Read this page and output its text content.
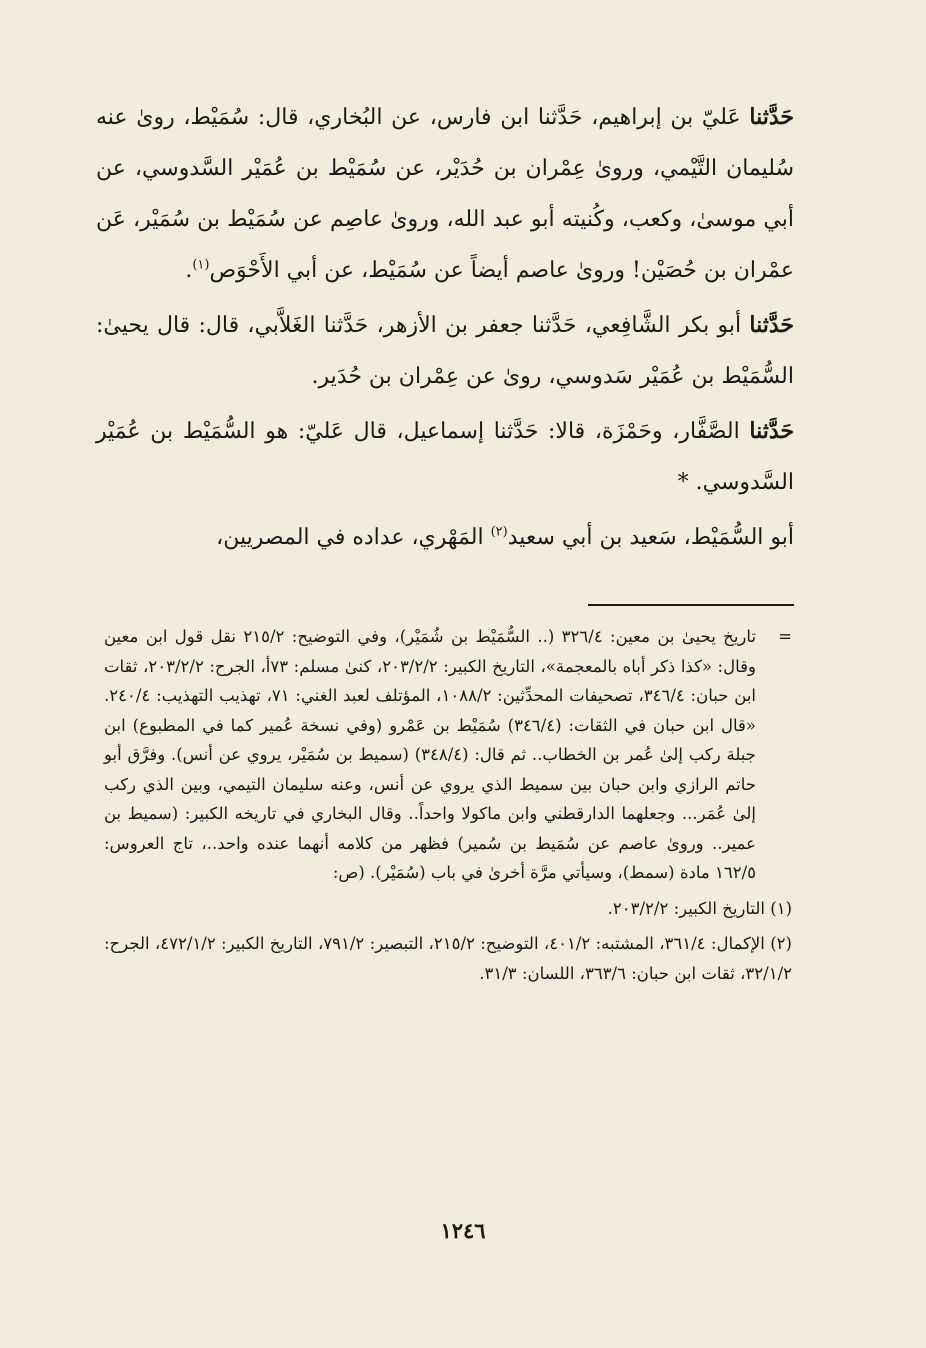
حَدَّثنا عَليّ بن إبراهيم، حَدَّثنا ابن فارس، عن البُخاري، قال: سُمَيْط، روىٰ عنه سُليمان التَّيْمي، وروىٰ عِمْران بن حُدَيْر، عن سُمَيْط بن عُمَيْر السَّدوسي، عن أبي موسىٰ، وكعب، وكُنيته أبو عبد الله، وروىٰ عاصِم عن سُمَيْط بن سُمَيْر، عَن عمْران بن حُصَيْن! وروىٰ عاصم أيضاً عن سُمَيْط، عن أبي الأَحْوَص$^{(١)}$.

حَدَّثنا أبو بكر الشَّافِعي، حَدَّثنا جعفر بن الأزهر، حَدَّثنا الغَلاَّبي، قال: قال يحيىٰ: السُّمَيْط بن عُمَيْر سَدوسي، روىٰ عن عِمْران بن حُدَير.

حَدَّثنا الصَّفَّار، وحَمْزَة، قالا: حَدَّثنا إسماعيل، قال عَليّ: هو السُّمَيْط بن عُمَيْر السَّدوسي. *

أبو السُّمَيْط، سَعيد بن أبي سعيد$^{(٢)}$ المَهْري، عداده في المصريين،

=
تاريخ يحيىٰ بن معين: ٣٢٦/٤ (.. السُّمَيْط بن شُمَيْر)، وفي التوضيح: ٢١٥/٢ نقل قول ابن معين وقال: «كذا ذكر أباه بالمعجمة»، التاريخ الكبير: ٢٠٣/٢/٢، كنىٰ مسلم: ٧٣أ، الجرح: ٢٠٣/٢/٢، ثقات ابن حبان: ٣٤٦/٤، تصحيفات المحدِّثين: ١٠٨٨/٢، المؤتلف لعبد الغني: ٧١، تهذيب التهذيب: ٢٤٠/٤. «قال ابن حبان في الثقات: (٣٤٦/٤) سُمَيْط بن عَمْرو (وفي نسخة عُمير كما في المطبوع) ابن جبلة ركب إلىٰ عُمر بن الخطاب.. ثم قال: (٣٤٨/٤) (سميط بن سُمَيْر، يروي عن أنس). وفرَّق أبو حاتم الرازي وابن حبان بين سميط الذي يروي عن أنس، وعنه سليمان التيمي، وبين الذي ركب إلىٰ عُمَر... وجعلهما الدارقطني وابن ماكولا واحداً.. وقال البخاري في تاريخه الكبير: (سميط بن عمير.. وروىٰ عاصم عن سُمَيط بن سُمير) فظهر من كلامه أنهما عنده واحد..، تاج العروس: ١٦٢/٥ مادة (سمط)، وسيأتي مرَّة أخرىٰ في باب (سُمَيْر). (ص:

(١) التاريخ الكبير: ٢٠٣/٢/٢.

(٢) الإكمال: ٣٦١/٤، المشتبه: ٤٠١/٢، التوضيح: ٢١٥/٢، التبصير: ٧٩١/٢، التاريخ الكبير: ٤٧٢/١/٢، الجرح: ٣٢/١/٢، ثقات ابن حبان: ٣٦٣/٦، اللسان: ٣١/٣.

١٢٤٦
